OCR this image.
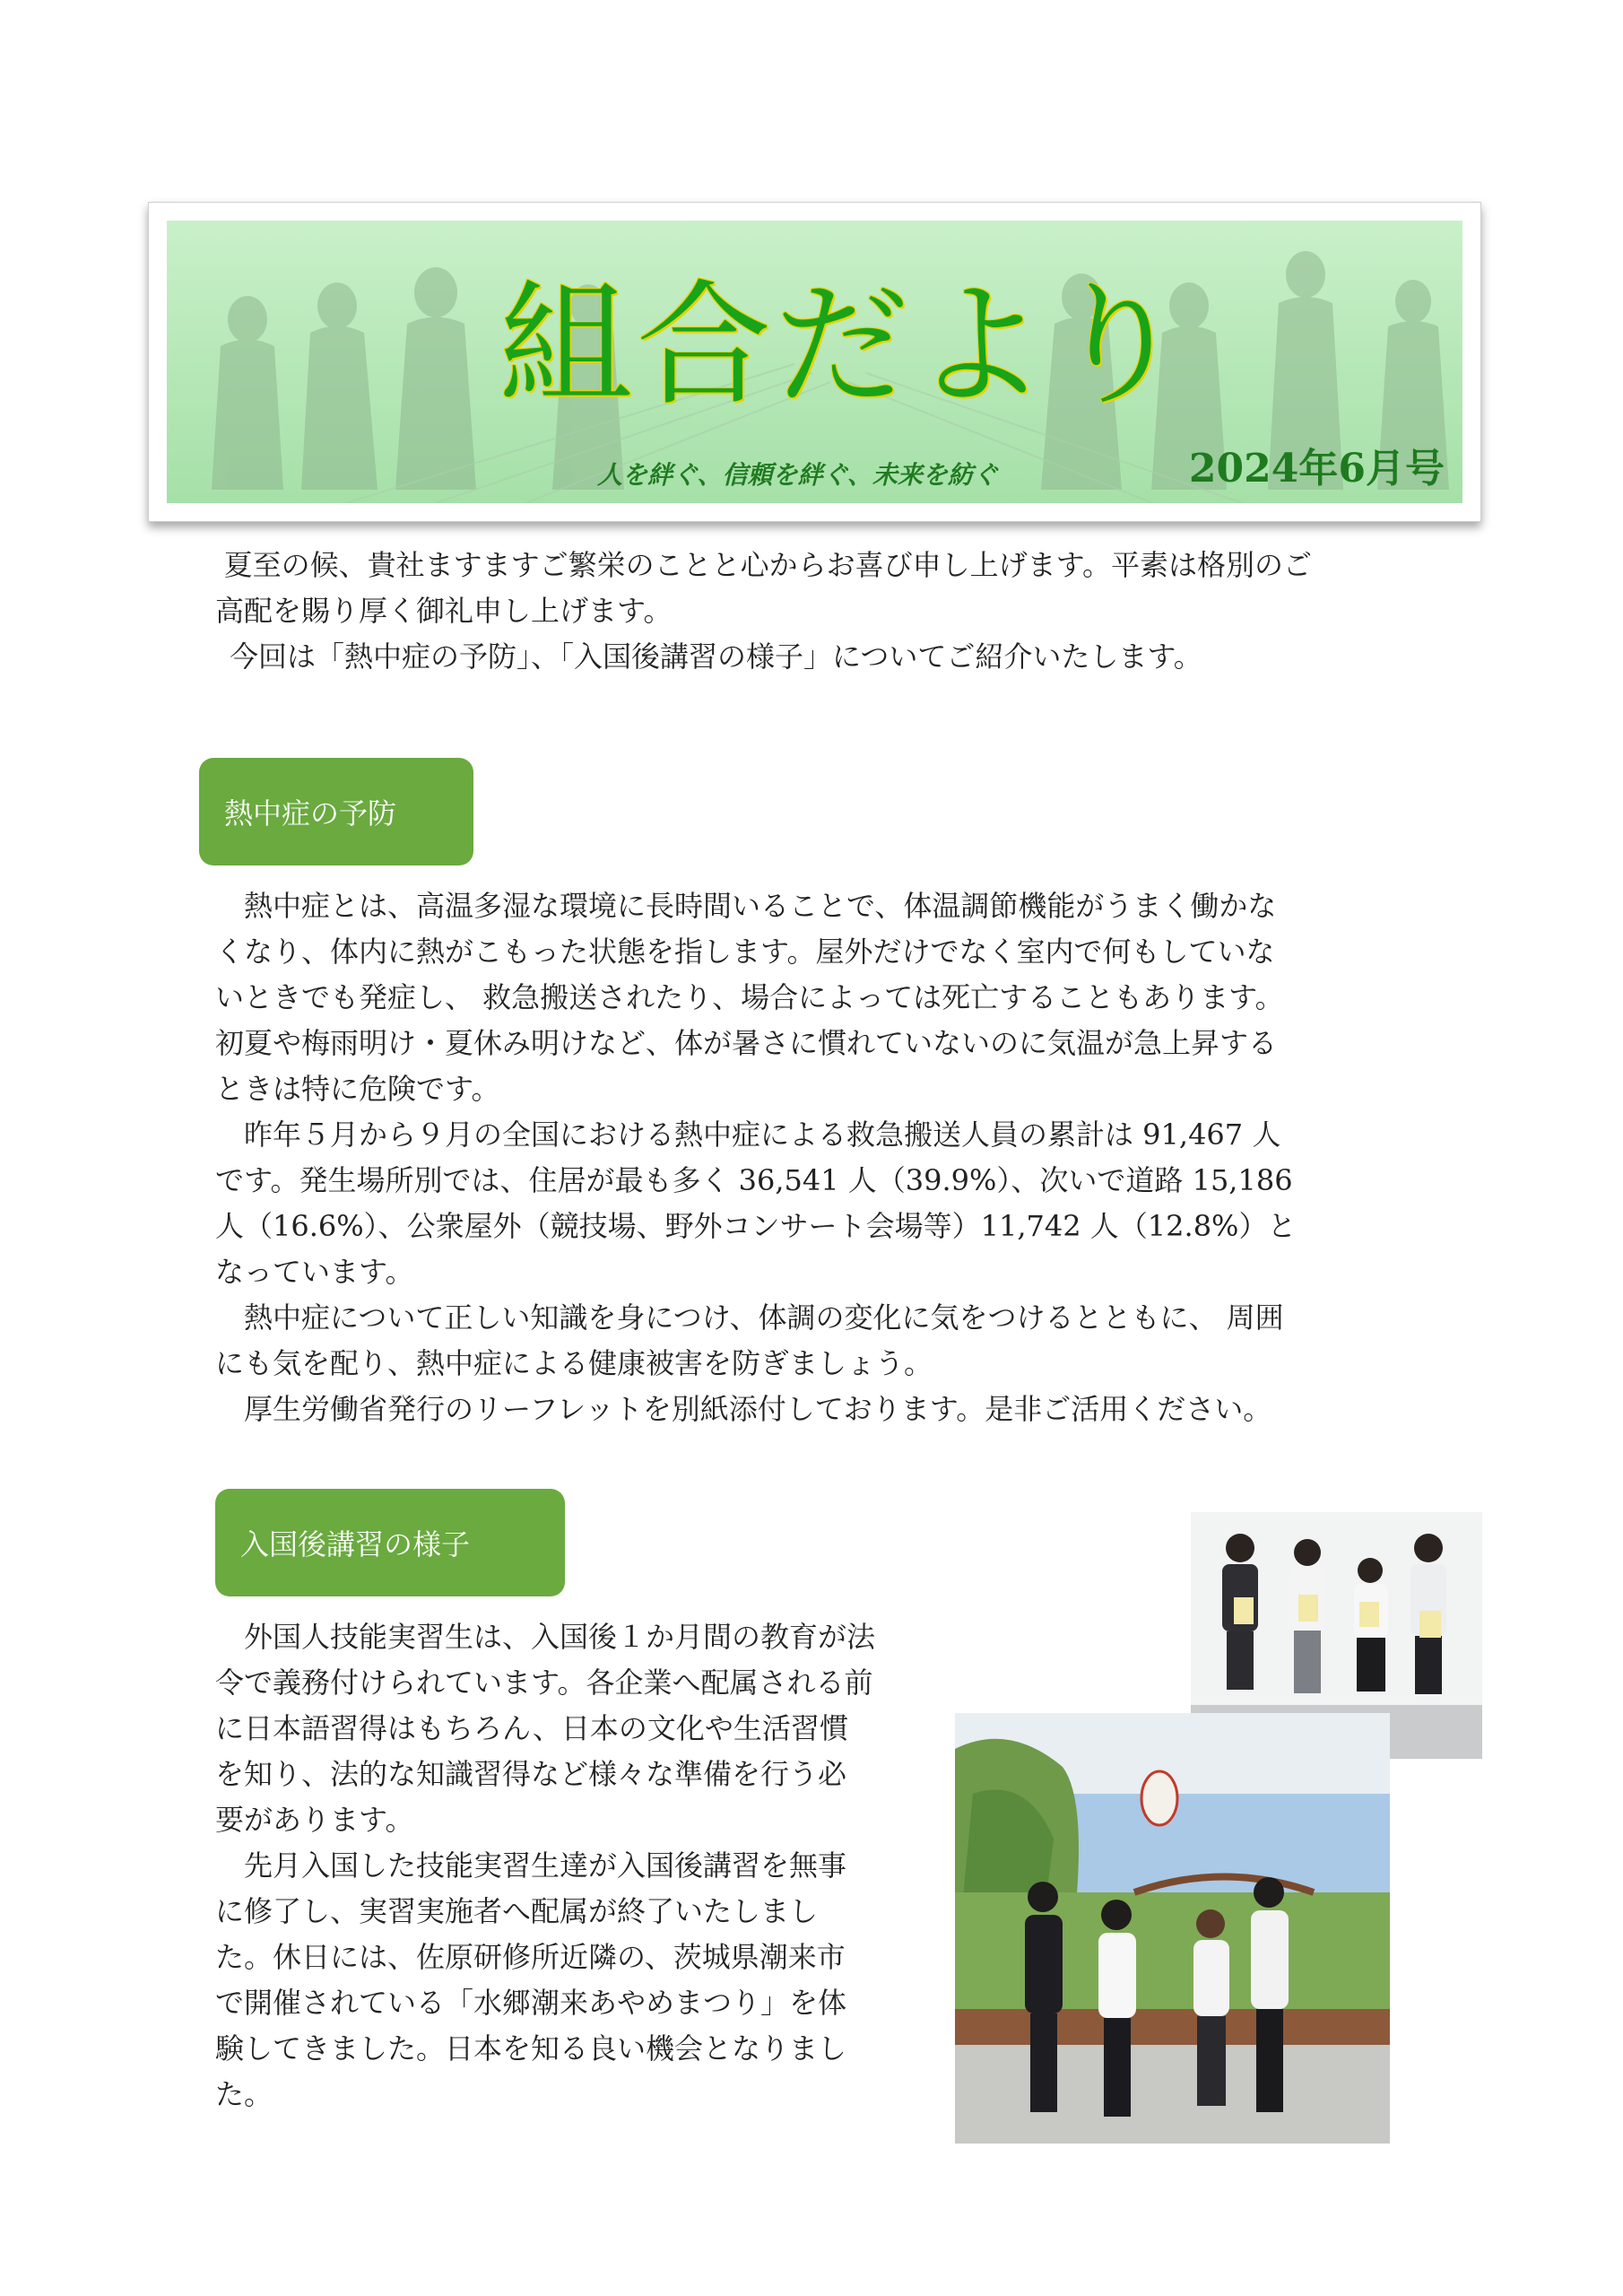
組合だより
人を絆ぐ、信頼を絆ぐ、未来を紡ぐ	2024年6月号
夏至の候、貴社ますますご繁栄のことと心からお喜び申し上げます。平素は格別のご
高配を賜り厚く御礼申し上げます。
今回は「熱中症の予防」、「入国後講習の様子」についてご紹介いたします。
熱中症の予防
熱中症とは、高温多湿な環境に長時間いることで、体温調節機能がうまく働かな
くなり、体内に熱がこもった状態を指します。屋外だけでなく室内で何もしていな
いときでも発症し、 救急搬送されたり、場合によっては死亡することもあります。
初夏や梅雨明け・夏休み明けなど、体が暑さに慣れていないのに気温が急上昇する
ときは特に危険です。
昨年５月から９月の全国における熱中症による救急搬送人員の累計は 91,467 人
です。発生場所別では、住居が最も多く 36,541 人（39.9%）、次いで道路 15,186
人（16.6%）、公衆屋外（競技場、野外コンサート会場等）11,742 人（12.8%）と
なっています。
熱中症について正しい知識を身につけ、体調の変化に気をつけるとともに、 周囲
にも気を配り、熱中症による健康被害を防ぎましょう。
厚生労働省発行のリーフレットを別紙添付しております。是非ご活用ください。
入国後講習の様子
外国人技能実習生は、入国後１か月間の教育が法
令で義務付けられています。各企業へ配属される前
に日本語習得はもちろん、日本の文化や生活習慣
を知り、法的な知識習得など様々な準備を行う必
要があります。
先月入国した技能実習生達が入国後講習を無事
に修了し、実習実施者へ配属が終了いたしまし
た。休日には、佐原研修所近隣の、茨城県潮来市
で開催されている「水郷潮来あやめまつり」を体
験してきました。日本を知る良い機会となりまし
た。
